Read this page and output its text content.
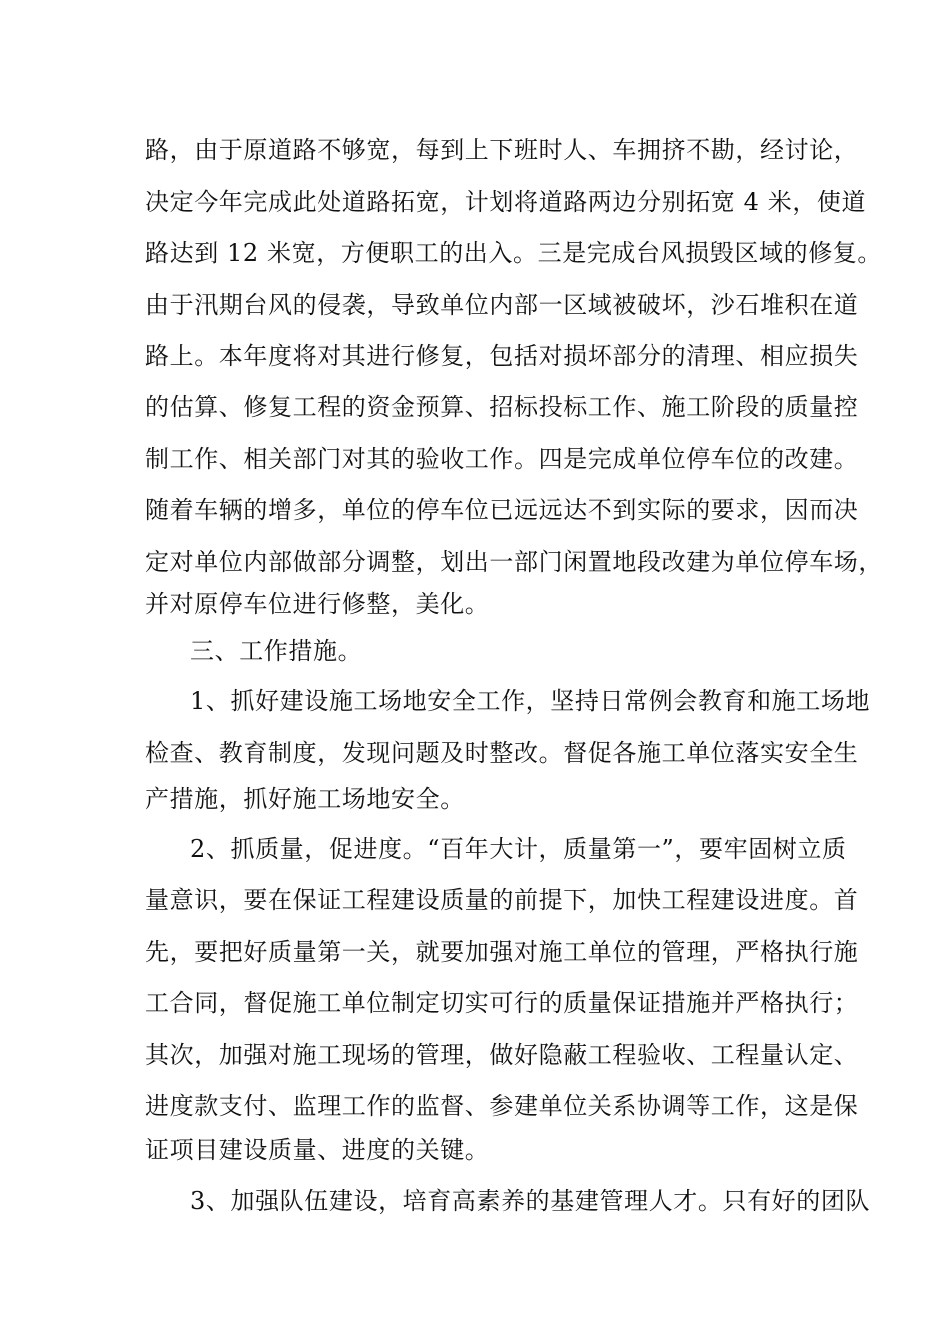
路，由于原道路不够宽，每到上下班时人、车拥挤不勘，经讨论，
决定今年完成此处道路拓宽，计划将道路两边分别拓宽 4 米，使道
路达到 12 米宽，方便职工的出入。三是完成台风损毁区域的修复。
由于汛期台风的侵袭，导致单位内部一区域被破坏，沙石堆积在道
路上。本年度将对其进行修复，包括对损坏部分的清理、相应损失
的估算、修复工程的资金预算、招标投标工作、施工阶段的质量控
制工作、相关部门对其的验收工作。四是完成单位停车位的改建。
随着车辆的增多，单位的停车位已远远达不到实际的要求，因而决
定对单位内部做部分调整，划出一部门闲置地段改建为单位停车场，
并对原停车位进行修整，美化。
三、工作措施。
1、抓好建设施工场地安全工作，坚持日常例会教育和施工场地
检查、教育制度，发现问题及时整改。督促各施工单位落实安全生
产措施，抓好施工场地安全。
2、抓质量，促进度。“百年大计，质量第一”，要牢固树立质
量意识，要在保证工程建设质量的前提下，加快工程建设进度。首
先，要把好质量第一关，就要加强对施工单位的管理，严格执行施
工合同，督促施工单位制定切实可行的质量保证措施并严格执行；
其次，加强对施工现场的管理，做好隐蔽工程验收、工程量认定、
进度款支付、监理工作的监督、参建单位关系协调等工作，这是保
证项目建设质量、进度的关键。
3、加强队伍建设，培育高素养的基建管理人才。只有好的团队
